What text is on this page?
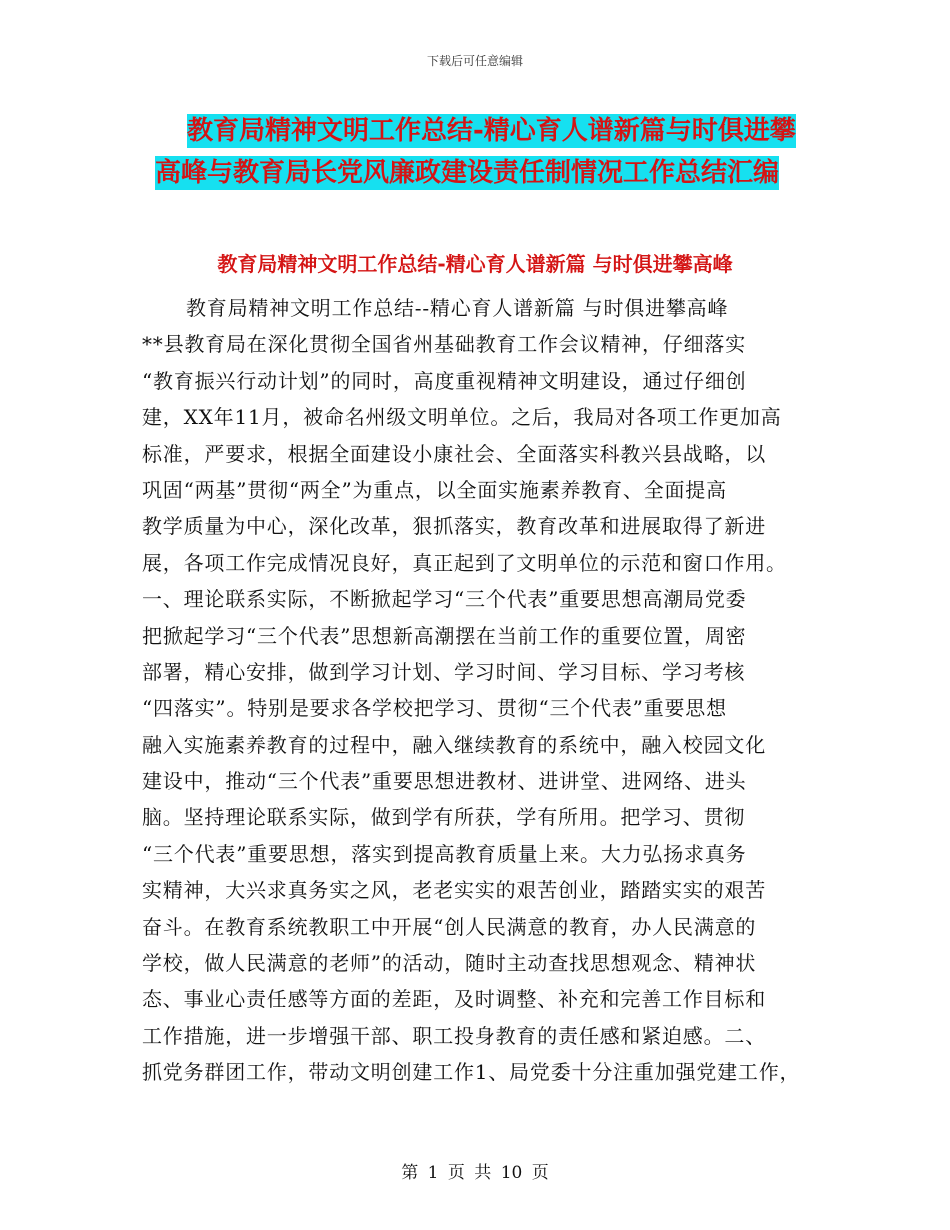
下载后可任意编辑
教育局精神文明工作总结-精心育人谱新篇与时俱进攀
高峰与教育局长党风廉政建设责任制情况工作总结汇编
教育局精神文明工作总结-精心育人谱新篇 与时俱进攀高峰
教育局精神文明工作总结--精心育人谱新篇 与时俱进攀高峰
**县教育局在深化贯彻全国省州基础教育工作会议精神，仔细落实
“教育振兴行动计划”的同时，高度重视精神文明建设，通过仔细创
建，XX年11月，被命名州级文明单位。之后，我局对各项工作更加高
标准，严要求，根据全面建设小康社会、全面落实科教兴县战略，以
巩固“两基”贯彻“两全”为重点，以全面实施素养教育、全面提高
教学质量为中心，深化改革，狠抓落实，教育改革和进展取得了新进
展，各项工作完成情况良好，真正起到了文明单位的示范和窗口作用。
一、理论联系实际，不断掀起学习“三个代表”重要思想高潮局党委
把掀起学习“三个代表”思想新高潮摆在当前工作的重要位置，周密
部署，精心安排，做到学习计划、学习时间、学习目标、学习考核
“四落实”。特别是要求各学校把学习、贯彻“三个代表”重要思想
融入实施素养教育的过程中，融入继续教育的系统中，融入校园文化
建设中，推动“三个代表”重要思想进教材、进讲堂、进网络、进头
脑。坚持理论联系实际，做到学有所获，学有所用。把学习、贯彻
“三个代表”重要思想，落实到提高教育质量上来。大力弘扬求真务
实精神，大兴求真务实之风，老老实实的艰苦创业，踏踏实实的艰苦
奋斗。在教育系统教职工中开展“创人民满意的教育，办人民满意的
学校，做人民满意的老师”的活动，随时主动查找思想观念、精神状
态、事业心责任感等方面的差距，及时调整、补充和完善工作目标和
工作措施，进一步增强干部、职工投身教育的责任感和紧迫感。二、
抓党务群团工作，带动文明创建工作1、局党委十分注重加强党建工作，
第 1 页 共 10 页
